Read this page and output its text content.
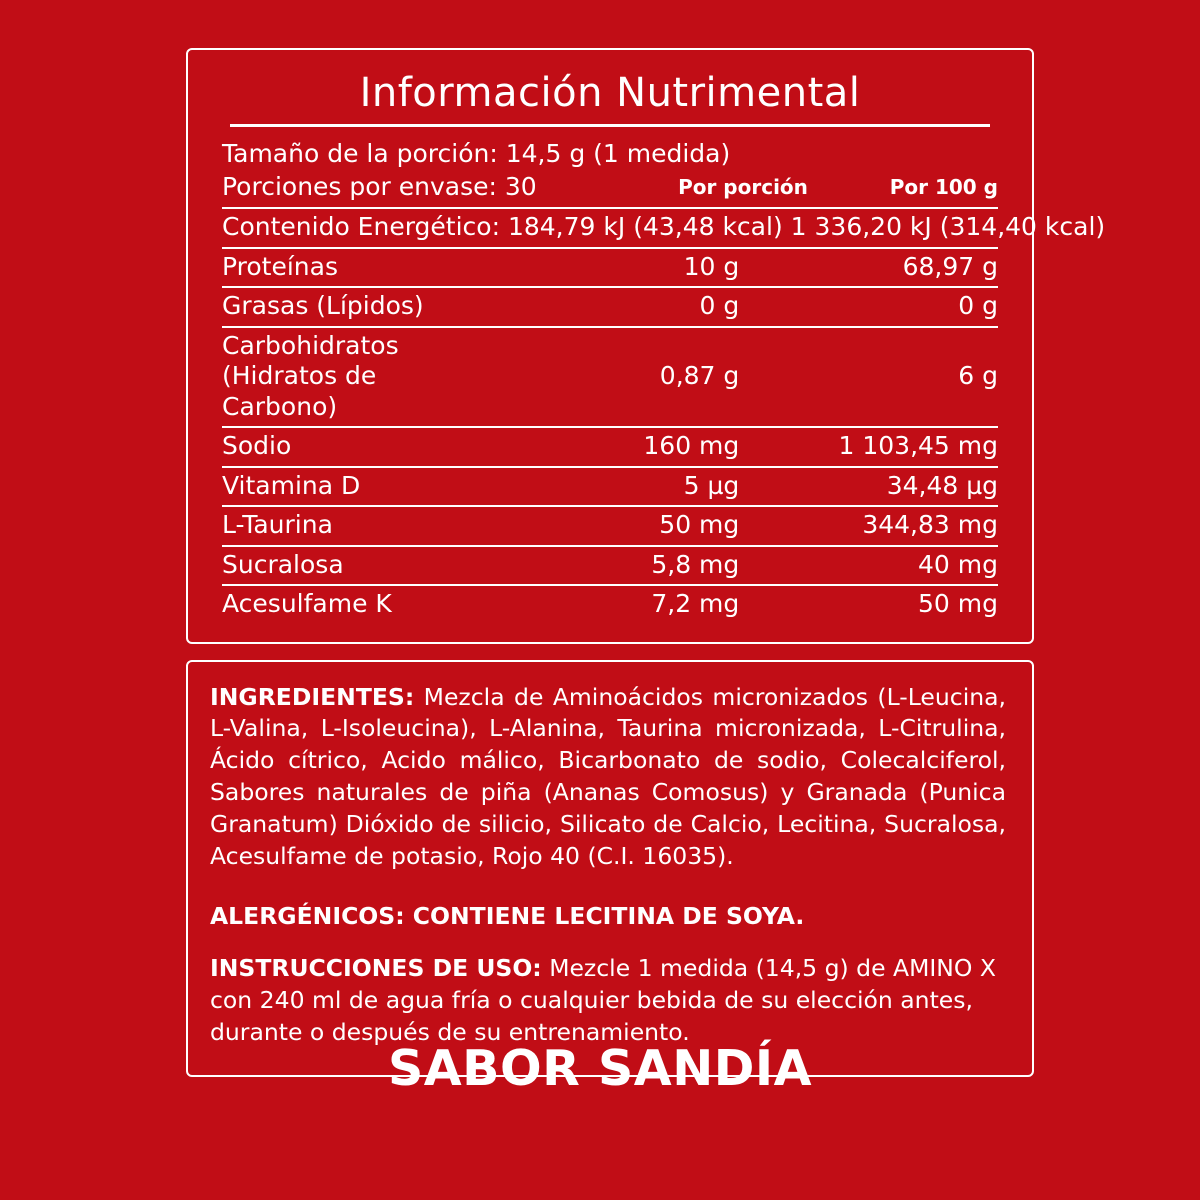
Información Nutrimental
Tamaño de la porción: 14,5 g (1 medida)
Porciones por envase: 30	Por porción	Por 100 g
Contenido Energético: 184,79 kJ (43,48 kcal) 1 336,20 kJ (314,40 kcal)		
Proteínas	10 g	68,97 g
Grasas (Lípidos)	0 g	0 g
Carbohidratos (Hidratos de Carbono)	0,87 g	6 g
Sodio	160 mg	1 103,45 mg
Vitamina D	5 µg	34,48 µg
L-Taurina	50 mg	344,83 mg
Sucralosa	5,8 mg	40 mg
Acesulfame K	7,2 mg	50 mg

INGREDIENTES: Mezcla de Aminoácidos micronizados (L-Leucina, L-Valina, L-Isoleucina), L-Alanina, Taurina micronizada, L-Citrulina, Ácido cítrico, Acido málico, Bicarbonato de sodio, Colecalciferol, Sabores naturales de piña (Ananas Comosus) y Granada (Punica Granatum) Dióxido de silicio, Silicato de Calcio, Lecitina, Sucralosa, Acesulfame de potasio, Rojo 40 (C.I. 16035).

ALERGÉNICOS: CONTIENE LECITINA DE SOYA.

INSTRUCCIONES DE USO: Mezcle 1 medida (14,5 g) de AMINO X con 240 ml de agua fría o cualquier bebida de su elección antes, durante o después de su entrenamiento.

SABOR SANDÍA
